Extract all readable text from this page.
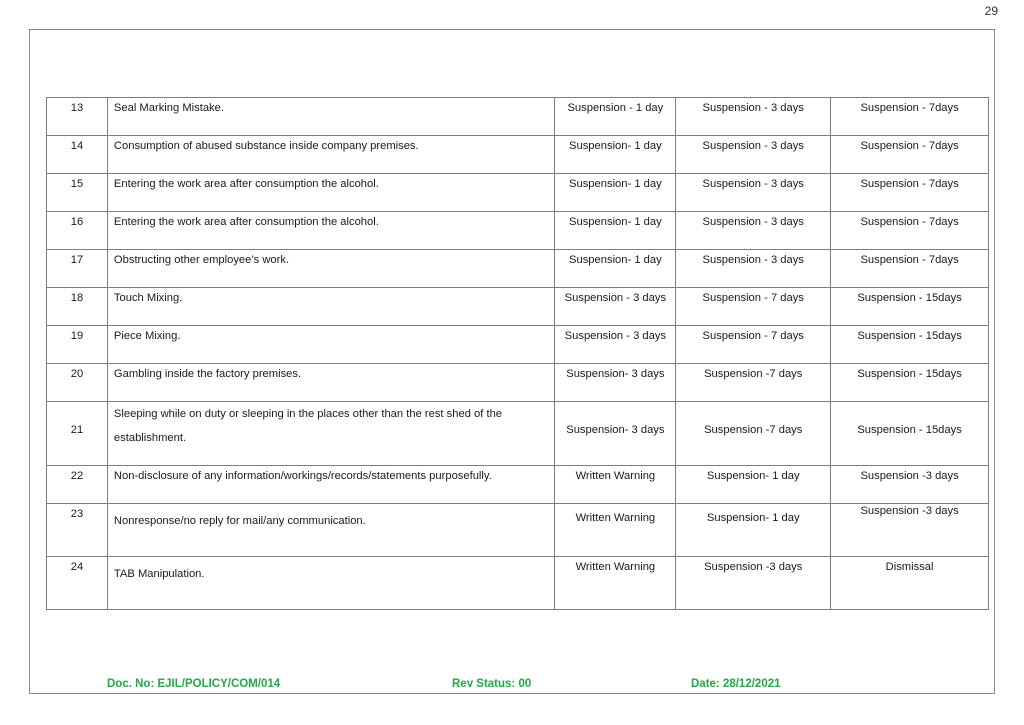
29
13	Seal Marking Mistake.	Suspension - 1 day	Suspension - 3 days	Suspension - 7days
14	Consumption of abused substance inside company premises.	Suspension- 1 day	Suspension - 3 days	Suspension - 7days
15	Entering the work area after consumption the alcohol.	Suspension- 1 day	Suspension - 3 days	Suspension - 7days
16	Entering the work area after consumption the alcohol.	Suspension- 1 day	Suspension - 3 days	Suspension - 7days
17	Obstructing other employee’s work.	Suspension- 1 day	Suspension - 3 days	Suspension - 7days
18	Touch Mixing.	Suspension - 3 days	Suspension - 7 days	Suspension - 15days
19	Piece Mixing.	Suspension - 3 days	Suspension - 7 days	Suspension - 15days
20	Gambling inside the factory premises.	Suspension- 3 days	Suspension -7 days	Suspension - 15days
21	Sleeping while on duty or sleeping in the places other than the rest shed of the establishment.	Suspension- 3 days	Suspension -7 days	Suspension - 15days
22	Non-disclosure of any information/workings/records/statements purposefully.	Written Warning	Suspension- 1 day	Suspension -3 days
23	Nonresponse/no reply for mail/any communication.	Written Warning	Suspension- 1 day	Suspension -3 days
24	TAB Manipulation.	Written Warning	Suspension -3 days	Dismissal
Doc. No: EJIL/POLICY/COM/014	Rev Status: 00	Date: 28/12/2021
